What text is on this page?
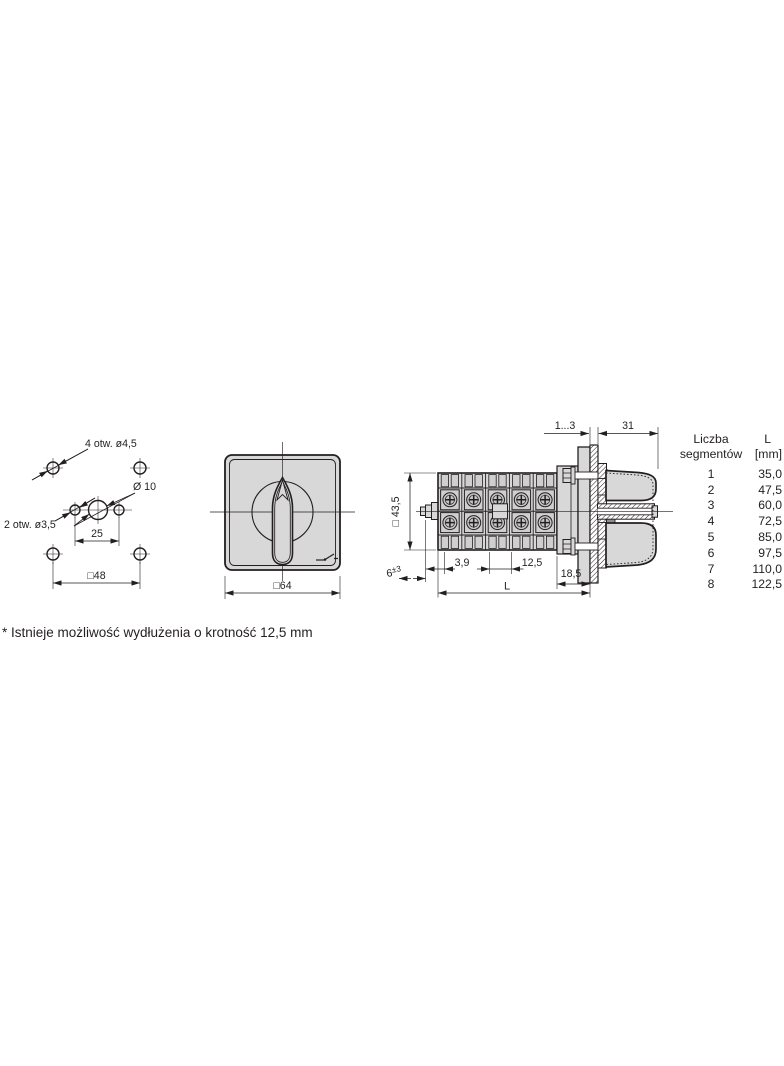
4 otw. ø4,5
Ø 10
2 otw. ø3,5
25
□48
□64
□ 43,5
1...3	31
3,9	12,5
18,5
L
$6^{\pm 3}$
Liczba	L
segmentów	[mm]
1	35,0
2	47,5
3	60,0
4	72,5
5	85,0
6	97,5
7	110,0
8	122,5
* Istnieje możliwość wydłużenia o krotność 12,5 mm
